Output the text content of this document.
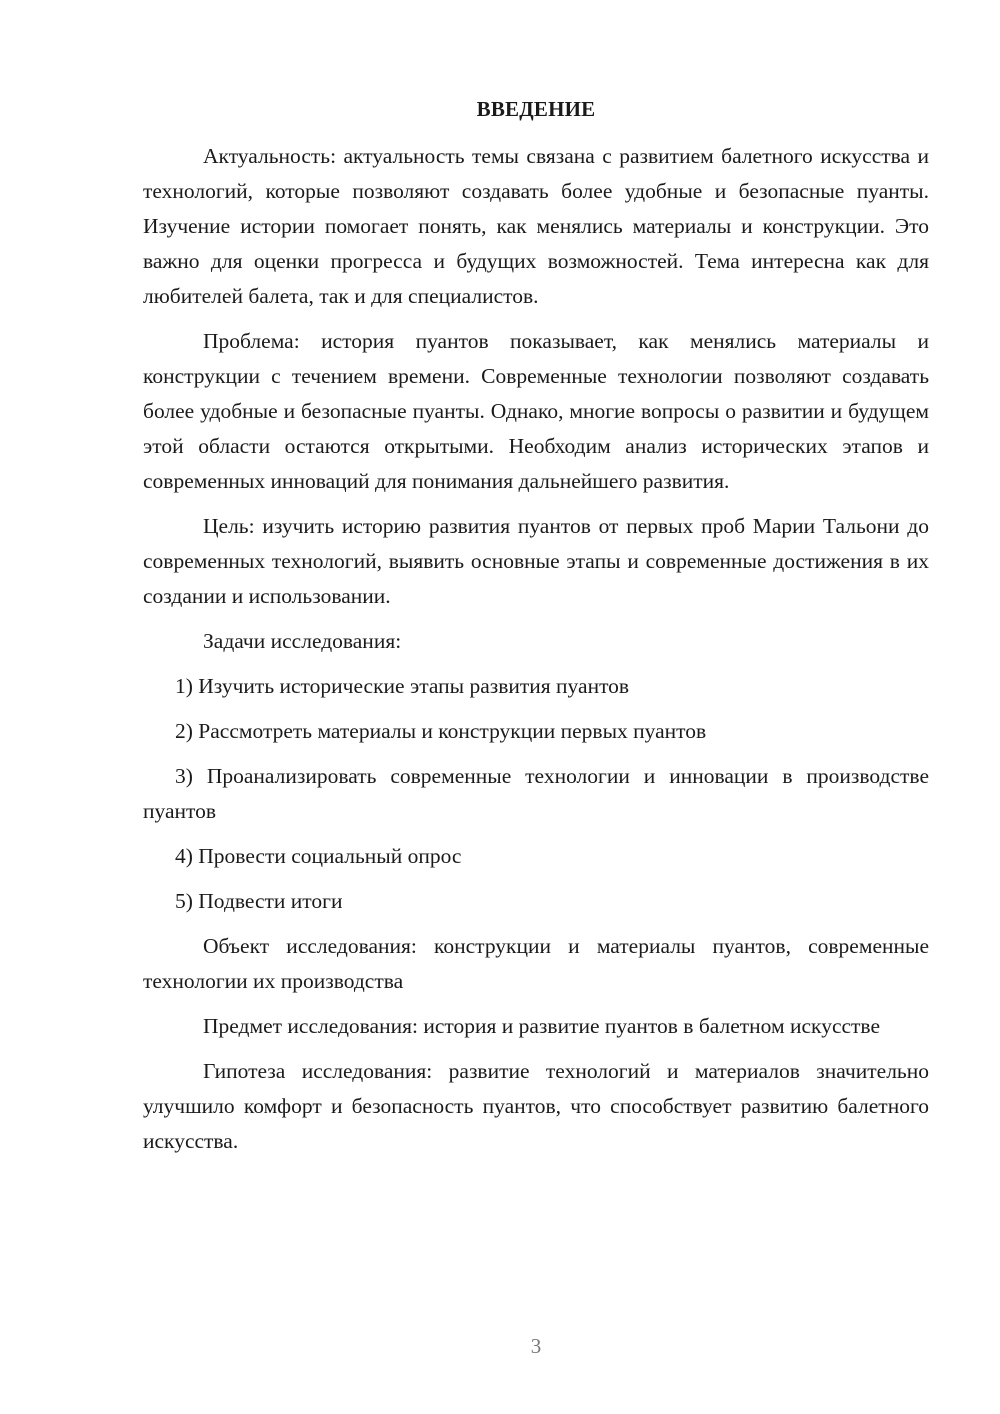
ВВЕДЕНИЕ

Актуальность: актуальность темы связана с развитием балетного искусства и технологий, которые позволяют создавать более удобные и безопасные пуанты. Изучение истории помогает понять, как менялись материалы и конструкции. Это важно для оценки прогресса и будущих возможностей. Тема интересна как для любителей балета, так и для специалистов.

Проблема: история пуантов показывает, как менялись материалы и конструкции с течением времени. Современные технологии позволяют создавать более удобные и безопасные пуанты. Однако, многие вопросы о развитии и будущем этой области остаются открытыми. Необходим анализ исторических этапов и современных инноваций для понимания дальнейшего развития.

Цель: изучить историю развития пуантов от первых проб Марии Тальони до современных технологий, выявить основные этапы и современные достижения в их создании и использовании.

Задачи исследования:

1) Изучить исторические этапы развития пуантов

2) Рассмотреть материалы и конструкции первых пуантов

3) Проанализировать современные технологии и инновации в производстве пуантов

4) Провести социальный опрос

5) Подвести итоги

Объект исследования: конструкции и материалы пуантов, современные технологии их производства

Предмет исследования: история и развитие пуантов в балетном искусстве

Гипотеза исследования: развитие технологий и материалов значительно улучшило комфорт и безопасность пуантов, что способствует развитию балетного искусства.

3
